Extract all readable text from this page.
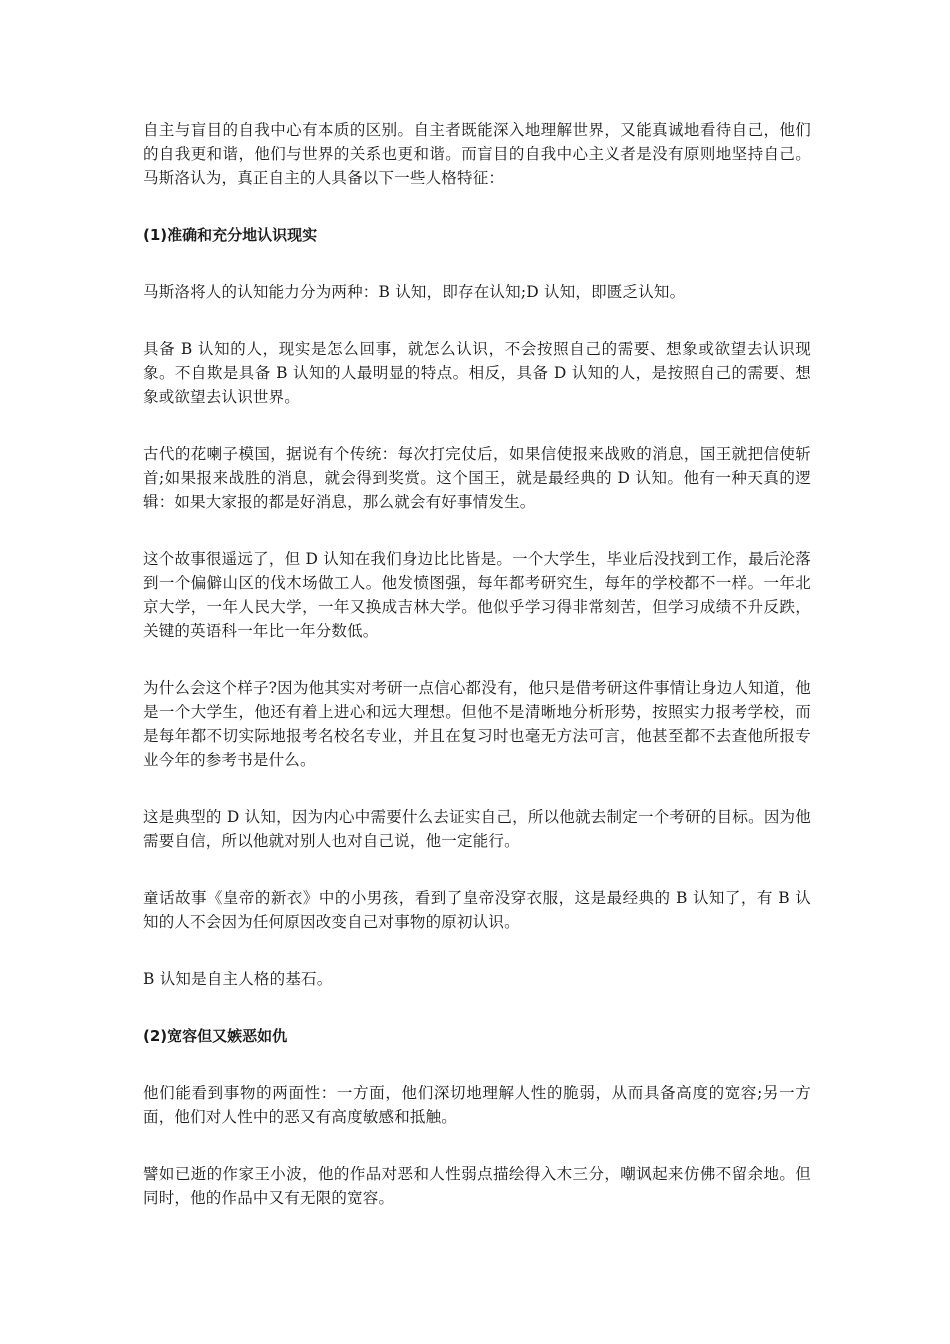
自主与盲目的自我中心有本质的区别。自主者既能深入地理解世界，又能真诚地看待自己，他们的自我更和谐，他们与世界的关系也更和谐。而盲目的自我中心主义者是没有原则地坚持自己。马斯洛认为，真正自主的人具备以下一些人格特征：

(1)准确和充分地认识现实

马斯洛将人的认知能力分为两种：B 认知，即存在认知;D 认知，即匮乏认知。

具备 B 认知的人，现实是怎么回事，就怎么认识，不会按照自己的需要、想象或欲望去认识现象。不自欺是具备 B 认知的人最明显的特点。相反，具备 D 认知的人，是按照自己的需要、想象或欲望去认识世界。

古代的花喇子模国，据说有个传统：每次打完仗后，如果信使报来战败的消息，国王就把信使斩首;如果报来战胜的消息，就会得到奖赏。这个国王，就是最经典的 D 认知。他有一种天真的逻辑：如果大家报的都是好消息，那么就会有好事情发生。

这个故事很遥远了，但 D 认知在我们身边比比皆是。一个大学生，毕业后没找到工作，最后沦落到一个偏僻山区的伐木场做工人。他发愤图强，每年都考研究生，每年的学校都不一样。一年北京大学，一年人民大学，一年又换成吉林大学。他似乎学习得非常刻苦，但学习成绩不升反跌，关键的英语科一年比一年分数低。

为什么会这个样子?因为他其实对考研一点信心都没有，他只是借考研这件事情让身边人知道，他是一个大学生，他还有着上进心和远大理想。但他不是清晰地分析形势，按照实力报考学校，而是每年都不切实际地报考名校名专业，并且在复习时也毫无方法可言，他甚至都不去查他所报专业今年的参考书是什么。

这是典型的 D 认知，因为内心中需要什么去证实自己，所以他就去制定一个考研的目标。因为他需要自信，所以他就对别人也对自己说，他一定能行。

童话故事《皇帝的新衣》中的小男孩，看到了皇帝没穿衣服，这是最经典的 B 认知了，有 B 认知的人不会因为任何原因改变自己对事物的原初认识。

B 认知是自主人格的基石。

(2)宽容但又嫉恶如仇

他们能看到事物的两面性：一方面，他们深切地理解人性的脆弱，从而具备高度的宽容;另一方面，他们对人性中的恶又有高度敏感和抵触。

譬如已逝的作家王小波，他的作品对恶和人性弱点描绘得入木三分，嘲讽起来仿佛不留余地。但同时，他的作品中又有无限的宽容。
